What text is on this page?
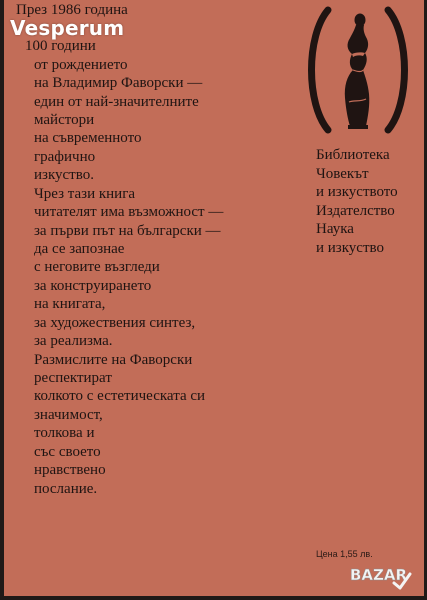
През 1986 година
100 години
от рождението
на Владимир Фаворски —
един от най-значителните
майстори
на съвременното
графично
изкуство.
Чрез тази книга
читателят има възможност —
за първи път на български —
да се запознае
с неговите възгледи
за конструирането
на книгата,
за художествения синтез,
за реализма.
Размислите на Фаворски
респектират
колкото с естетическата си
значимост,
толкова и
със своето
нравствено
послание.
Vesperum
Библиотека
Човекът
и изкуството
Издателство
Наука
и изкуство
Цена 1,55 лв.
BAZAR
